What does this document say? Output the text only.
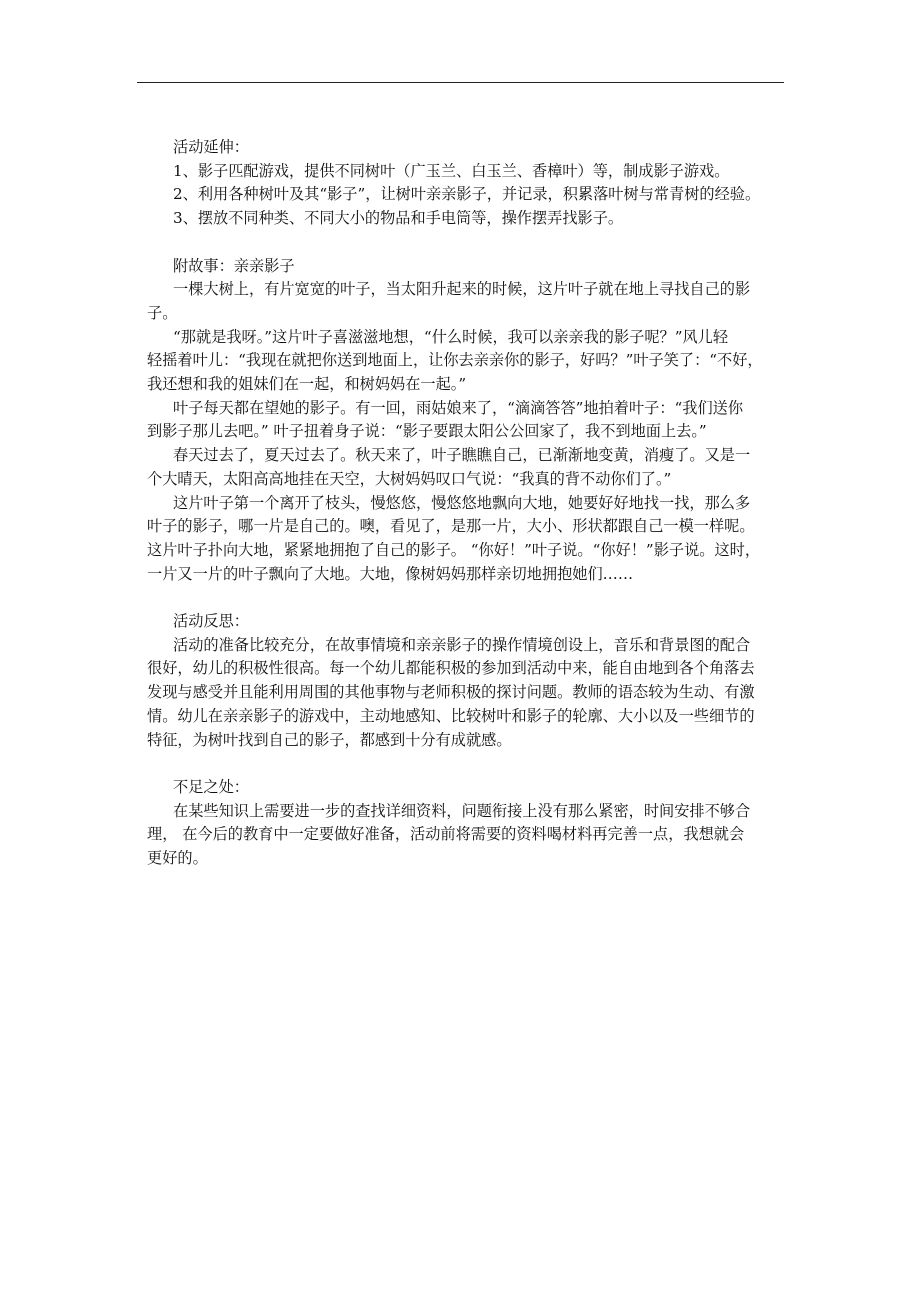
活动延伸：

1、影子匹配游戏，提供不同树叶（广玉兰、白玉兰、香樟叶）等，制成影子游戏。

2、利用各种树叶及其“影子”，让树叶亲亲影子，并记录，积累落叶树与常青树的经验。

3、摆放不同种类、不同大小的物品和手电筒等，操作摆弄找影子。

附故事：亲亲影子

一棵大树上，有片宽宽的叶子，当太阳升起来的时候，这片叶子就在地上寻找自己的影

子。

“那就是我呀。”这片叶子喜滋滋地想，“什么时候，我可以亲亲我的影子呢？”风儿轻

轻摇着叶儿：“我现在就把你送到地面上，让你去亲亲你的影子，好吗？”叶子笑了：“不好，

我还想和我的姐妹们在一起，和树妈妈在一起。”

叶子每天都在望她的影子。有一回，雨姑娘来了，“滴滴答答”地拍着叶子：“我们送你

到影子那儿去吧。” 叶子扭着身子说：“影子要跟太阳公公回家了，我不到地面上去。”

春天过去了，夏天过去了。秋天来了，叶子瞧瞧自己，已渐渐地变黄，消瘦了。又是一

个大晴天，太阳高高地挂在天空，大树妈妈叹口气说：“我真的背不动你们了。”

这片叶子第一个离开了枝头，慢悠悠，慢悠悠地飘向大地，她要好好地找一找，那么多

叶子的影子，哪一片是自己的。噢，看见了，是那一片，大小、形状都跟自己一模一样呢。

这片叶子扑向大地，紧紧地拥抱了自己的影子。 “你好！”叶子说。“你好！”影子说。这时，

一片又一片的叶子飘向了大地。大地，像树妈妈那样亲切地拥抱她们……

活动反思：

活动的准备比较充分，在故事情境和亲亲影子的操作情境创设上，音乐和背景图的配合

很好，幼儿的积极性很高。每一个幼儿都能积极的参加到活动中来，能自由地到各个角落去

发现与感受并且能利用周围的其他事物与老师积极的探讨问题。教师的语态较为生动、有激

情。幼儿在亲亲影子的游戏中，主动地感知、比较树叶和影子的轮廓、大小以及一些细节的

特征，为树叶找到自己的影子，都感到十分有成就感。

不足之处：

在某些知识上需要进一步的查找详细资料，问题衔接上没有那么紧密，时间安排不够合

理， 在今后的教育中一定要做好准备，活动前将需要的资料喝材料再完善一点，我想就会

更好的。
